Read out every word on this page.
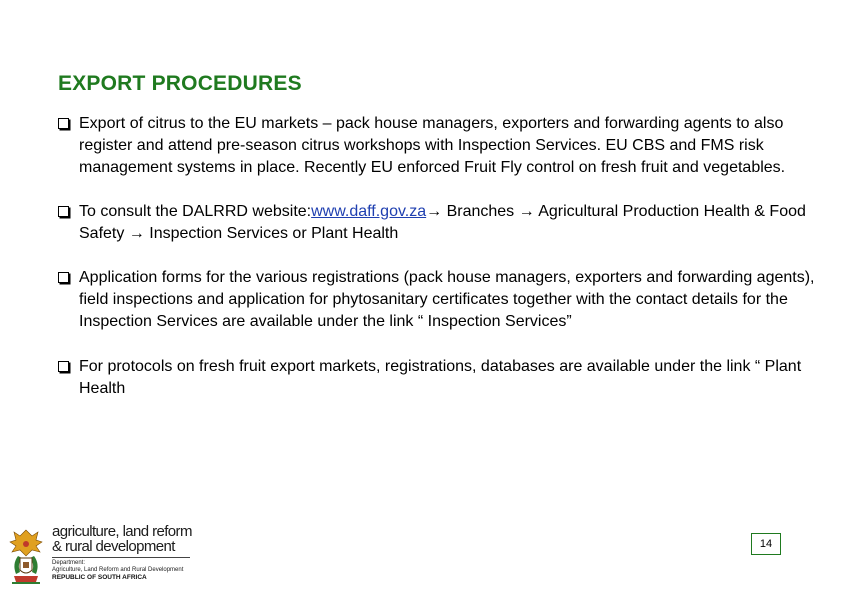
EXPORT PROCEDURES
Export of citrus to the EU markets – pack house managers, exporters and forwarding agents to also register and attend pre-season citrus workshops with Inspection Services. EU CBS and FMS risk management systems in place. Recently EU enforced Fruit Fly control on fresh fruit and vegetables.
To consult the DALRRD website:www.daff.gov.za→ Branches → Agricultural Production Health & Food Safety → Inspection Services or Plant Health
Application forms for the various registrations (pack house managers, exporters and forwarding agents), field inspections and application for phytosanitary certificates together with the contact details for the Inspection Services are available under the link “ Inspection Services”
For protocols on fresh fruit export markets, registrations, databases are available under the link “ Plant Health
agriculture, land reform
& rural development
Department:
Agriculture, Land Reform and Rural Development
REPUBLIC OF SOUTH AFRICA
14
